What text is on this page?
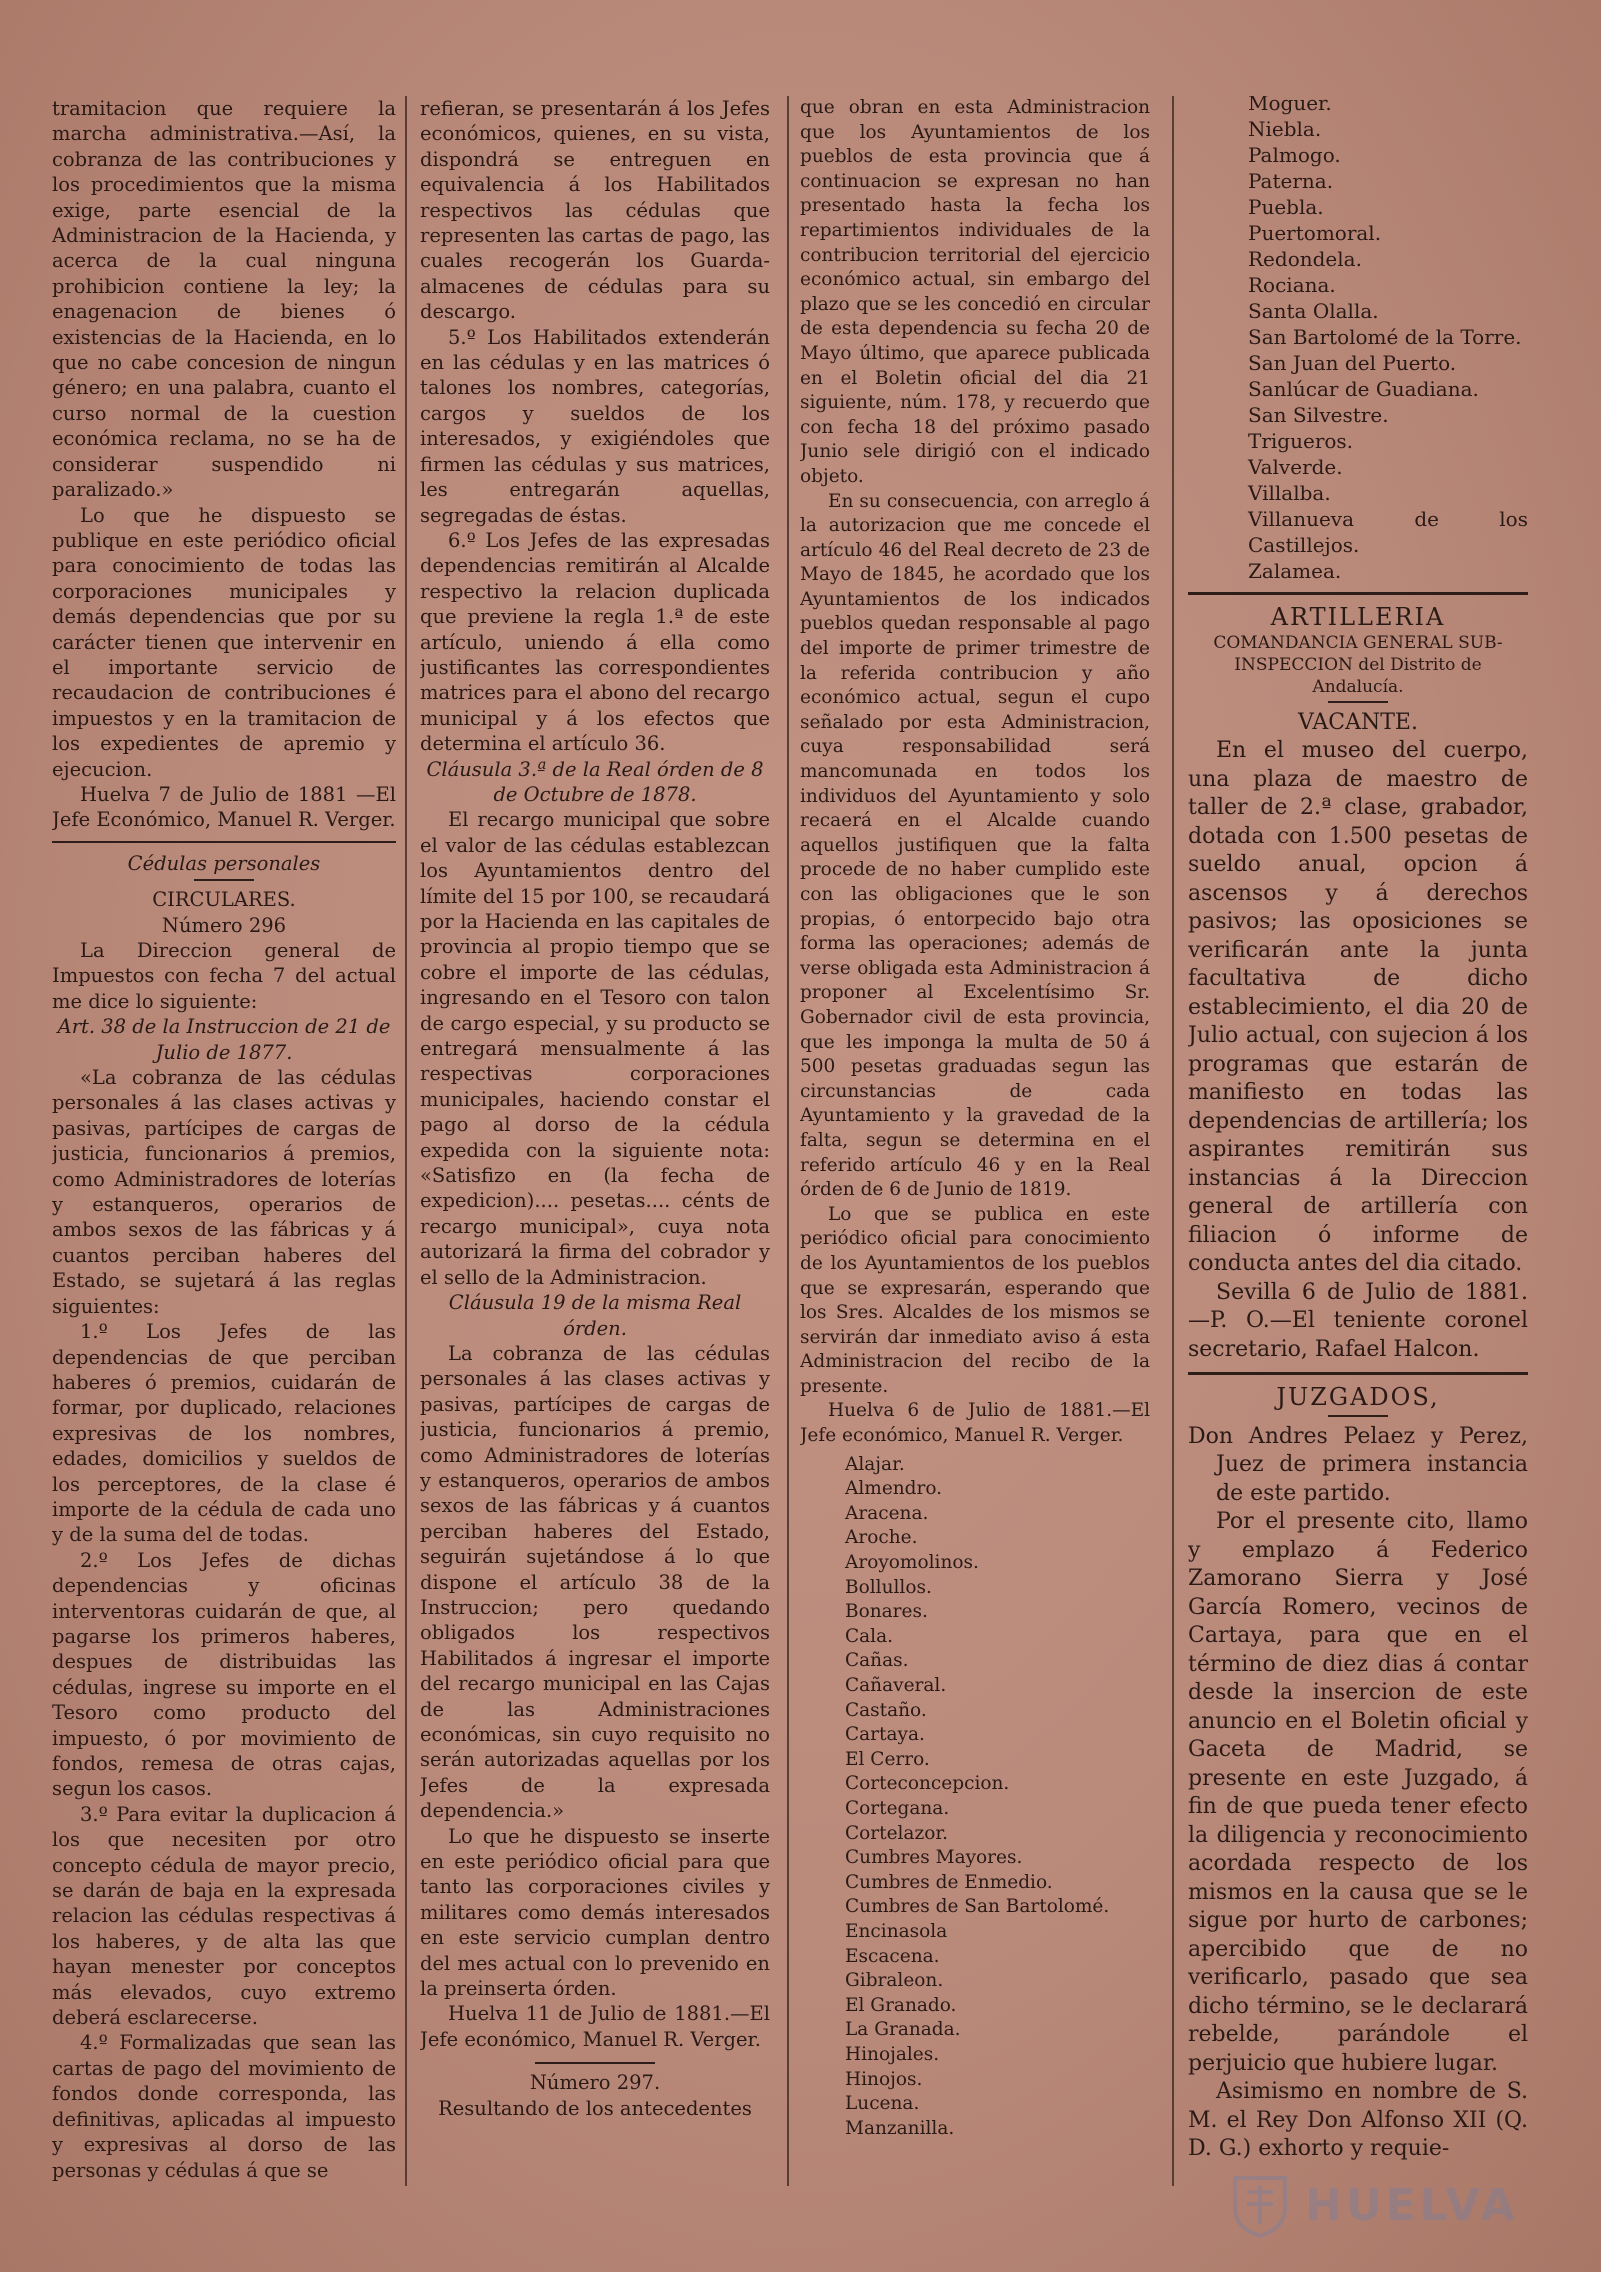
tramitacion que requiere la marcha administrativa.—Así, la cobranza de las contribuciones y los procedimientos que la misma exige, parte esencial de la Administracion de la Hacienda, y acerca de la cual ninguna prohibicion contiene la ley; la enagenacion de bienes ó existencias de la Hacienda, en lo que no cabe concesion de ningun género; en una palabra, cuanto el curso normal de la cuestion económica reclama, no se ha de considerar suspendido ni paralizado.»

Lo que he dispuesto se publique en este periódico oficial para conocimiento de todas las corporaciones municipales y demás dependencias que por su carácter tienen que intervenir en el importante servicio de recaudacion de contribuciones é impuestos y en la tramitacion de los expedientes de apremio y ejecucion.

Huelva 7 de Julio de 1881 —El Jefe Económico, Manuel R. Verger.

Cédulas personales

CIRCULARES.

Número 296

La Direccion general de Impuestos con fecha 7 del actual me dice lo siguiente:

Art. 38 de la Instruccion de 21 de Julio de 1877.

«La cobranza de las cédulas personales á las clases activas y pasivas, partícipes de cargas de justicia, funcionarios á premios, como Administradores de loterías y estanqueros, operarios de ambos sexos de las fábricas y á cuantos perciban haberes del Estado, se sujetará á las reglas siguientes:

1.º Los Jefes de las dependencias de que perciban haberes ó premios, cuidarán de formar, por duplicado, relaciones expresivas de los nombres, edades, domicilios y sueldos de los perceptores, de la clase é importe de la cédula de cada uno y de la suma del de todas.

2.º Los Jefes de dichas dependencias y oficinas interventoras cuidarán de que, al pagarse los primeros haberes, despues de distribuidas las cédulas, ingrese su importe en el Tesoro como producto del impuesto, ó por movimiento de fondos, remesa de otras cajas, segun los casos.

3.º Para evitar la duplicacion á los que necesiten por otro concepto cédula de mayor precio, se darán de baja en la expresada relacion las cédulas respectivas á los haberes, y de alta las que hayan menester por conceptos más elevados, cuyo extremo deberá esclarecerse.

4.º Formalizadas que sean las cartas de pago del movimiento de fondos donde corresponda, las definitivas, aplicadas al impuesto y expresivas al dorso de las personas y cédulas á que se

refieran, se presentarán á los Jefes económicos, quienes, en su vista, dispondrá se entreguen en equivalencia á los Habilitados respectivos las cédulas que representen las cartas de pago, las cuales recogerán los Guarda-almacenes de cédulas para su descargo.

5.º Los Habilitados extenderán en las cédulas y en las matrices ó talones los nombres, categorías, cargos y sueldos de los interesados, y exigiéndoles que firmen las cédulas y sus matrices, les entregarán aquellas, segregadas de éstas.

6.º Los Jefes de las expresadas dependencias remitirán al Alcalde respectivo la relacion duplicada que previene la regla 1.ª de este artículo, uniendo á ella como justificantes las correspondientes matrices para el abono del recargo municipal y á los efectos que determina el artículo 36.

Cláusula 3.ª de la Real órden de 8 de Octubre de 1878.

El recargo municipal que sobre el valor de las cédulas establezcan los Ayuntamientos dentro del límite del 15 por 100, se recaudará por la Hacienda en las capitales de provincia al propio tiempo que se cobre el importe de las cédulas, ingresando en el Tesoro con talon de cargo especial, y su producto se entregará mensualmente á las respectivas corporaciones municipales, haciendo constar el pago al dorso de la cédula expedida con la siguiente nota: «Satisfizo en (la fecha de expedicion).... pesetas.... cénts de recargo municipal», cuya nota autorizará la firma del cobrador y el sello de la Administracion.

Cláusula 19 de la misma Real órden.

La cobranza de las cédulas personales á las clases activas y pasivas, partícipes de cargas de justicia, funcionarios á premio, como Administradores de loterías y estanqueros, operarios de ambos sexos de las fábricas y á cuantos perciban haberes del Estado, seguirán sujetándose á lo que dispone el artículo 38 de la Instruccion; pero quedando obligados los respectivos Habilitados á ingresar el importe del recargo municipal en las Cajas de las Administraciones económicas, sin cuyo requisito no serán autorizadas aquellas por los Jefes de la expresada dependencia.»

Lo que he dispuesto se inserte en este periódico oficial para que tanto las corporaciones civiles y militares como demás interesados en este servicio cumplan dentro del mes actual con lo prevenido en la preinserta órden.

Huelva 11 de Julio de 1881.—El Jefe económico, Manuel R. Verger.

Número 297.

Resultando de los antecedentes

que obran en esta Administracion que los Ayuntamientos de los pueblos de esta provincia que á continuacion se expresan no han presentado hasta la fecha los repartimientos individuales de la contribucion territorial del ejercicio económico actual, sin embargo del plazo que se les concedió en circular de esta dependencia su fecha 20 de Mayo último, que aparece publicada en el Boletin oficial del dia 21 siguiente, núm. 178, y recuerdo que con fecha 18 del próximo pasado Junio sele dirigió con el indicado objeto.

En su consecuencia, con arreglo á la autorizacion que me concede el artículo 46 del Real decreto de 23 de Mayo de 1845, he acordado que los Ayuntamientos de los indicados pueblos quedan responsable al pago del importe de primer trimestre de la referida contribucion y año económico actual, segun el cupo señalado por esta Administracion, cuya responsabilidad será mancomunada en todos los individuos del Ayuntamiento y solo recaerá en el Alcalde cuando aquellos justifiquen que la falta procede de no haber cumplido este con las obligaciones que le son propias, ó entorpecido bajo otra forma las operaciones; además de verse obligada esta Administracion á proponer al Excelentísimo Sr. Gobernador civil de esta provincia, que les imponga la multa de 50 á 500 pesetas graduadas segun las circunstancias de cada Ayuntamiento y la gravedad de la falta, segun se determina en el referido artículo 46 y en la Real órden de 6 de Junio de 1819.

Lo que se publica en este periódico oficial para conocimiento de los Ayuntamientos de los pueblos que se expresarán, esperando que los Sres. Alcaldes de los mismos se servirán dar inmediato aviso á esta Administracion del recibo de la presente.

Huelva 6 de Julio de 1881.—El Jefe económico, Manuel R. Verger.

Alajar.
Almendro.
Aracena.
Aroche.
Aroyomolinos.
Bollullos.
Bonares.
Cala.
Cañas.
Cañaveral.
Castaño.
Cartaya.
El Cerro.
Corteconcepcion.
Cortegana.
Cortelazor.
Cumbres Mayores.
Cumbres de Enmedio.
Cumbres de San Bartolomé.
Encinasola
Escacena.
Gibraleon.
El Granado.
La Granada.
Hinojales.
Hinojos.
Lucena.
Manzanilla.
Moguer.
Niebla.
Palmogo.
Paterna.
Puebla.
Puertomoral.
Redondela.
Rociana.
Santa Olalla.
San Bartolomé de la Torre.
San Juan del Puerto.
Sanlúcar de Guadiana.
San Silvestre.
Trigueros.
Valverde.
Villalba.
Villanueva de los Castillejos.
Zalamea.

ARTILLERIA

COMANDANCIA GENERAL SUB-INSPECCION del Distrito de Andalucía.

VACANTE.

En el museo del cuerpo, una plaza de maestro de taller de 2.ª clase, grabador, dotada con 1.500 pesetas de sueldo anual, opcion á ascensos y á derechos pasivos; las oposiciones se verificarán ante la junta facultativa de dicho establecimiento, el dia 20 de Julio actual, con sujecion á los programas que estarán de manifiesto en todas las dependencias de artillería; los aspirantes remitirán sus instancias á la Direccion general de artillería con filiacion ó informe de conducta antes del dia citado.

Sevilla 6 de Julio de 1881.—P. O.—El teniente coronel secretario, Rafael Halcon.

JUZGADOS,

Don Andres Pelaez y Perez, Juez de primera instancia de este partido.

Por el presente cito, llamo y emplazo á Federico Zamorano Sierra y José García Romero, vecinos de Cartaya, para que en el término de diez dias á contar desde la insercion de este anuncio en el Boletin oficial y Gaceta de Madrid, se presente en este Juzgado, á fin de que pueda tener efecto la diligencia y reconocimiento acordada respecto de los mismos en la causa que se le sigue por hurto de carbones; apercibido que de no verificarlo, pasado que sea dicho término, se le declarará rebelde, parándole el perjuicio que hubiere lugar.

Asimismo en nombre de S. M. el Rey Don Alfonso XII (Q. D. G.) exhorto y requie-

HUELVA
